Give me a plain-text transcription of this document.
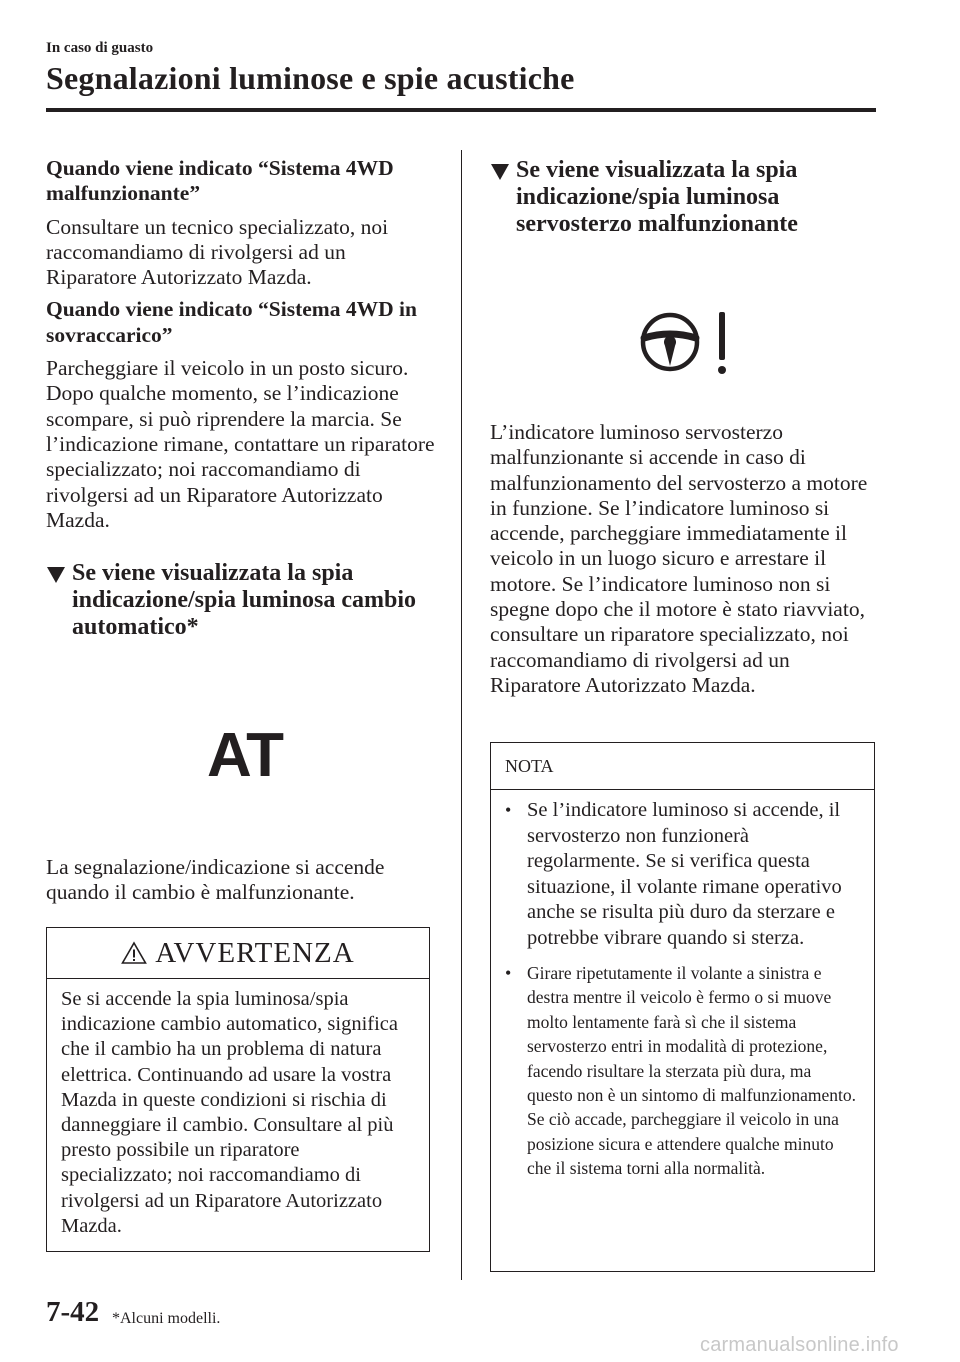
In caso di guasto
Segnalazioni luminose e spie acustiche

Quando viene indicato “Sistema 4WD malfunzionante”

Consultare un tecnico specializzato, noi raccomandiamo di rivolgersi ad un Riparatore Autorizzato Mazda.

Quando viene indicato “Sistema 4WD in sovraccarico”

Parcheggiare il veicolo in un posto sicuro. Dopo qualche momento, se l’indicazione scompare, si può riprendere la marcia. Se l’indicazione rimane, contattare un riparatore specializzato; noi raccomandiamo di rivolgersi ad un Riparatore Autorizzato Mazda.

Se viene visualizzata la spia indicazione/spia luminosa cambio automatico*
AT

La segnalazione/indicazione si accende quando il cambio è malfunzionante.

AVVERTENZA
Se si accende la spia luminosa/spia indicazione cambio automatico, significa che il cambio ha un problema di natura elettrica. Continuando ad usare la vostra Mazda in queste condizioni si rischia di danneggiare il cambio. Consultare al più presto possibile un riparatore specializzato; noi raccomandiamo di rivolgersi ad un Riparatore Autorizzato Mazda.
Se viene visualizzata la spia indicazione/spia luminosa servosterzo malfunzionante

L’indicatore luminoso servosterzo malfunzionante si accende in caso di malfunzionamento del servosterzo a motore in funzione. Se l’indicatore luminoso si accende, parcheggiare immediatamente il veicolo in un luogo sicuro e arrestare il motore. Se l’indicatore luminoso non si spegne dopo che il motore è stato riavviato, consultare un riparatore specializzato, noi raccomandiamo di rivolgersi ad un Riparatore Autorizzato Mazda.

NOTA
• Se l’indicatore luminoso si accende, il servosterzo non funzionerà regolarmente. Se si verifica questa situazione, il volante rimane operativo anche se risulta più duro da sterzare e potrebbe vibrare quando si sterza.
• Girare ripetutamente il volante a sinistra e destra mentre il veicolo è fermo o si muove molto lentamente farà sì che il sistema servosterzo entri in modalità di protezione, facendo risultare la sterzata più dura, ma questo non è un sintomo di malfunzionamento. Se ciò accade, parcheggiare il veicolo in una posizione sicura e attendere qualche minuto che il sistema torni alla normalità.
7-42 *Alcuni modelli.
carmanualsonline.info
